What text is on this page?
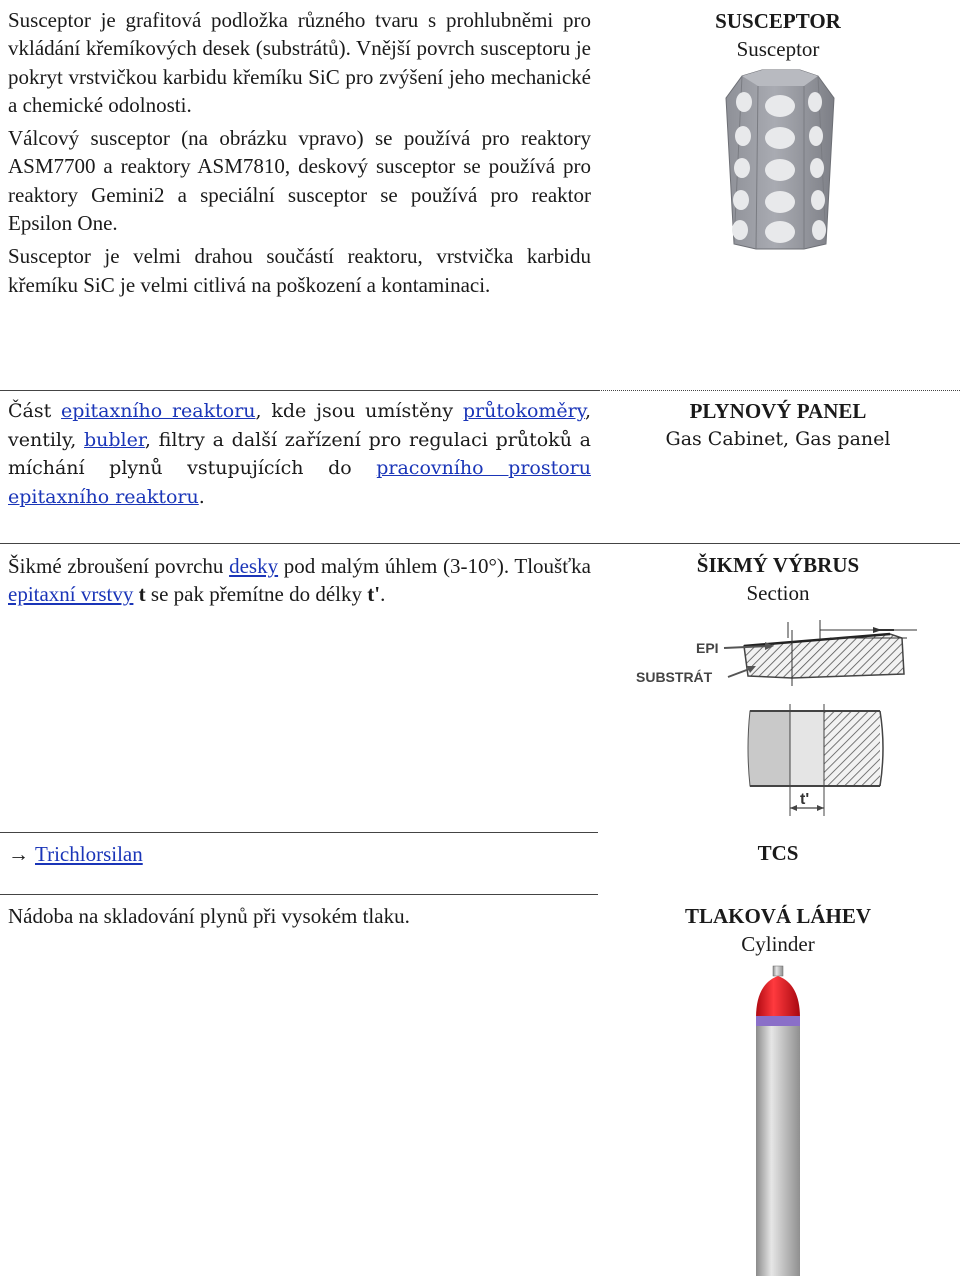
Susceptor je grafitová podložka různého tvaru s prohlubněmi pro vkládání křemíkových desek (substrátů). Vnější povrch susceptoru je pokryt vrstvičkou karbidu křemíku SiC pro zvýšení jeho mechanické a chemické odolnosti.

Válcový susceptor (na obrázku vpravo) se používá pro reaktory ASM7700 a reaktory ASM7810, deskový susceptor se používá pro reaktory Gemini2 a speciální susceptor se používá pro reaktor Epsilon One.

Susceptor je velmi drahou součástí reaktoru, vrstvička karbidu křemíku SiC je velmi citlivá na poškození a kontaminaci.

SUSCEPTOR
Susceptor

Část epitaxního reaktoru, kde jsou umístěny průtokoměry, ventily, bubler, filtry a další zařízení pro regulaci průtoků a míchání plynů vstupujících do pracovního prostoru epitaxního reaktoru.

PLYNOVÝ PANEL
Gas Cabinet, Gas panel

Šikmé zbroušení povrchu desky pod malým úhlem (3-10°). Tloušťka epitaxní vrstvy t se pak přemítne do délky t'.

ŠIKMÝ VÝBRUS
Section
EPI
SUBSTRÁT
t'

→ Trichlorsilan	TCS

Nádoba na skladování plynů při vysokém tlaku.	TLAKOVÁ LÁHEV
Cylinder
